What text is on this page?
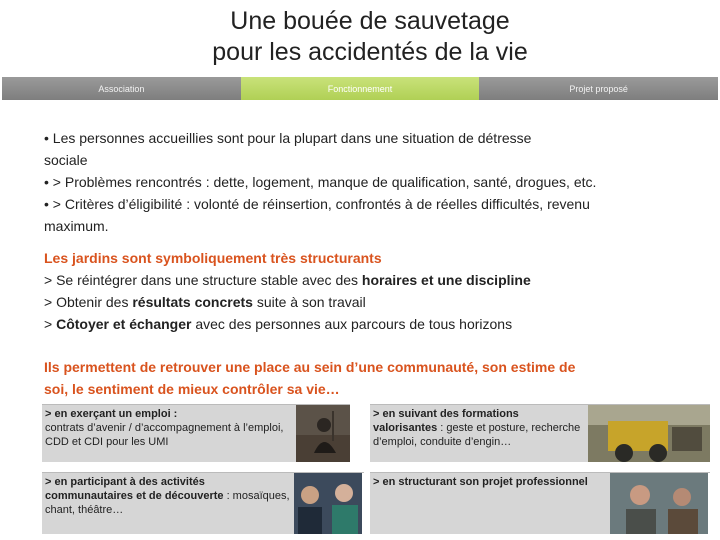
Une bouée de sauvetage
pour les accidentés de la vie
Association	Fonctionnement	Projet proposé
• Les personnes accueillies sont pour la plupart dans une situation de détresse
sociale
• > Problèmes rencontrés : dette, logement, manque de qualification, santé, drogues, etc.
• > Critères d’éligibilité : volonté de réinsertion, confrontés à de réelles difficultés, revenu
maximum.
Les jardins sont symboliquement très structurants
> Se réintégrer dans une structure stable avec des horaires et une discipline
> Obtenir des résultats concrets suite à son travail
> Côtoyer et échanger avec des personnes aux parcours de tous horizons
Ils permettent de retrouver une place au sein d’une communauté, son estime de
soi, le sentiment de mieux contrôler sa vie…
> en exerçant un emploi :
contrats d’avenir / d’accompagnement à l’emploi, CDD et CDI pour les UMI
> en suivant des formations valorisantes : geste et posture, recherche d’emploi, conduite d’engin…
> en participant à des activités communautaires et de découverte : mosaïques, chant, théâtre…
> en structurant son projet professionnel
